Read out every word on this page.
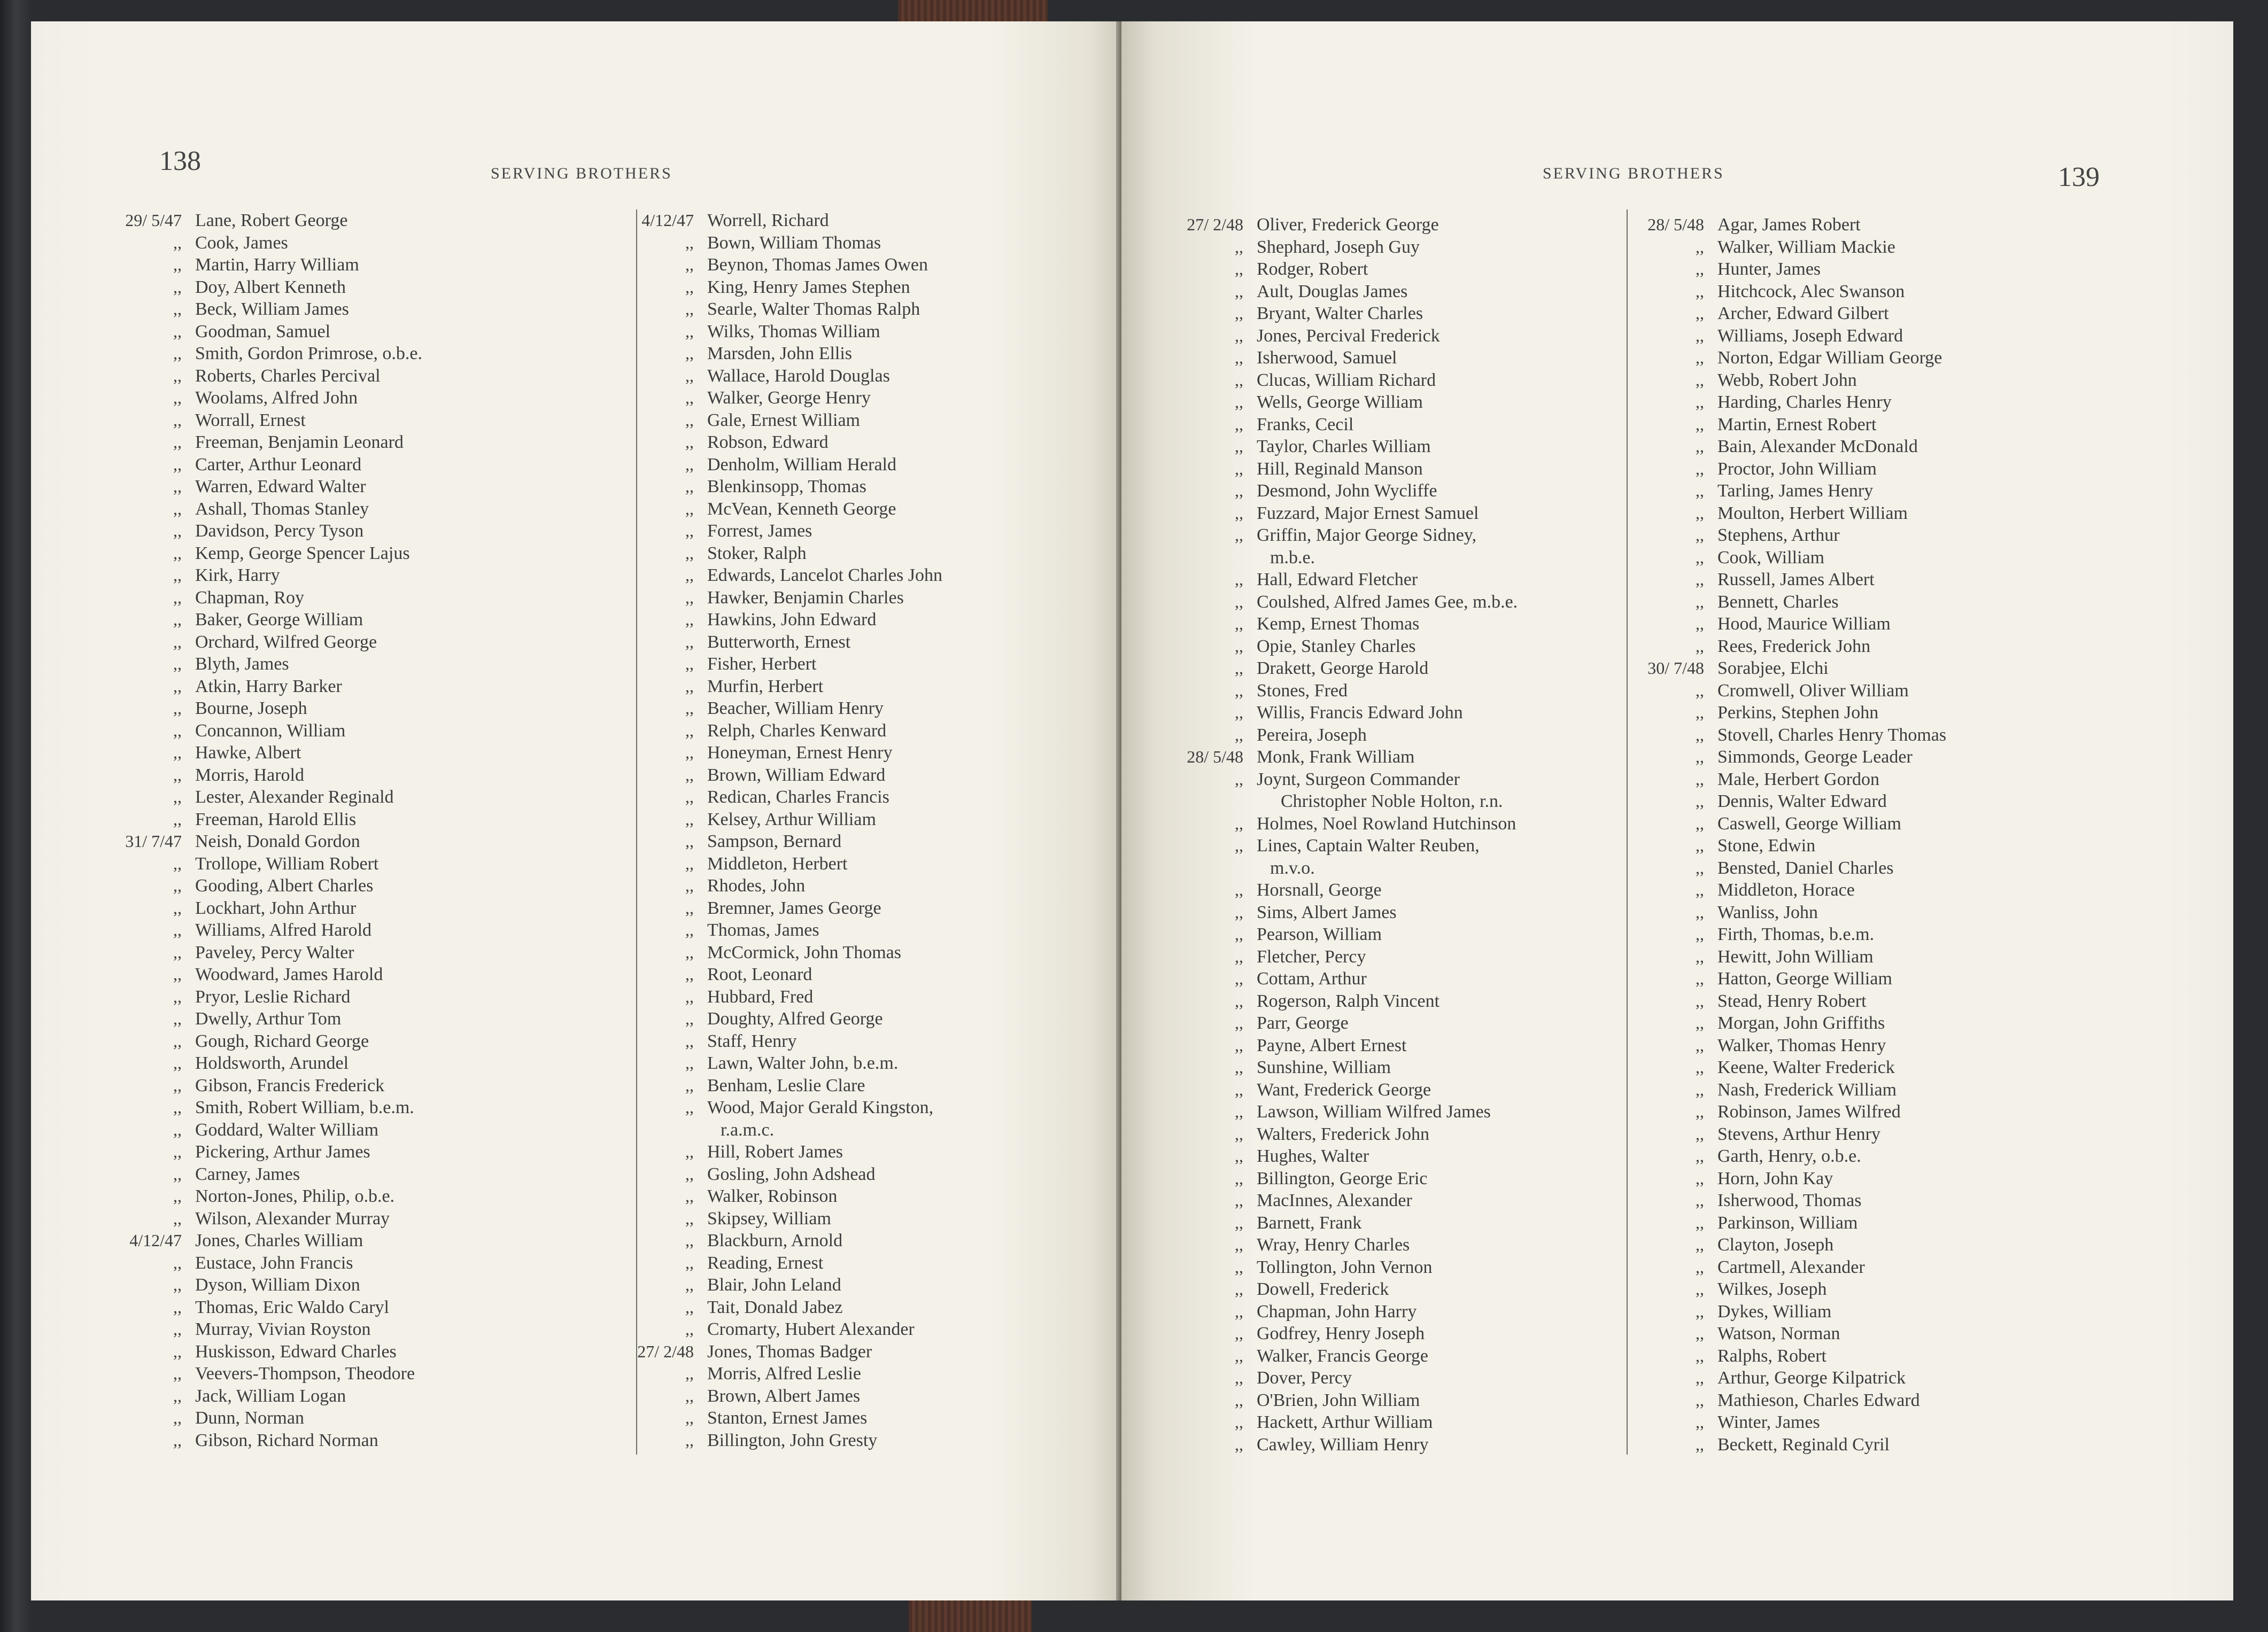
138	SERVING BROTHERS
29/ 5/47 Lane, Robert George
,, Cook, James
,, Martin, Harry William
,, Doy, Albert Kenneth
,, Beck, William James
,, Goodman, Samuel
,, Smith, Gordon Primrose, o.b.e.
,, Roberts, Charles Percival
,, Woolams, Alfred John
,, Worrall, Ernest
,, Freeman, Benjamin Leonard
,, Carter, Arthur Leonard
,, Warren, Edward Walter
,, Ashall, Thomas Stanley
,, Davidson, Percy Tyson
,, Kemp, George Spencer Lajus
,, Kirk, Harry
,, Chapman, Roy
,, Baker, George William
,, Orchard, Wilfred George
,, Blyth, James
,, Atkin, Harry Barker
,, Bourne, Joseph
,, Concannon, William
,, Hawke, Albert
,, Morris, Harold
,, Lester, Alexander Reginald
,, Freeman, Harold Ellis
31/ 7/47 Neish, Donald Gordon
,, Trollope, William Robert
,, Gooding, Albert Charles
,, Lockhart, John Arthur
,, Williams, Alfred Harold
,, Paveley, Percy Walter
,, Woodward, James Harold
,, Pryor, Leslie Richard
,, Dwelly, Arthur Tom
,, Gough, Richard George
,, Holdsworth, Arundel
,, Gibson, Francis Frederick
,, Smith, Robert William, b.e.m.
,, Goddard, Walter William
,, Pickering, Arthur James
,, Carney, James
,, Norton-Jones, Philip, o.b.e.
,, Wilson, Alexander Murray
4/12/47 Jones, Charles William
,, Eustace, John Francis
,, Dyson, William Dixon
,, Thomas, Eric Waldo Caryl
,, Murray, Vivian Royston
,, Huskisson, Edward Charles
,, Veevers-Thompson, Theodore
,, Jack, William Logan
,, Dunn, Norman
,, Gibson, Richard Norman
4/12/47 Worrell, Richard
,, Bown, William Thomas
,, Beynon, Thomas James Owen
,, King, Henry James Stephen
,, Searle, Walter Thomas Ralph
,, Wilks, Thomas William
,, Marsden, John Ellis
,, Wallace, Harold Douglas
,, Walker, George Henry
,, Gale, Ernest William
,, Robson, Edward
,, Denholm, William Herald
,, Blenkinsopp, Thomas
,, McVean, Kenneth George
,, Forrest, James
,, Stoker, Ralph
,, Edwards, Lancelot Charles John
,, Hawker, Benjamin Charles
,, Hawkins, John Edward
,, Butterworth, Ernest
,, Fisher, Herbert
,, Murfin, Herbert
,, Beacher, William Henry
,, Relph, Charles Kenward
,, Honeyman, Ernest Henry
,, Brown, William Edward
,, Redican, Charles Francis
,, Kelsey, Arthur William
,, Sampson, Bernard
,, Middleton, Herbert
,, Rhodes, John
,, Bremner, James George
,, Thomas, James
,, McCormick, John Thomas
,, Root, Leonard
,, Hubbard, Fred
,, Doughty, Alfred George
,, Staff, Henry
,, Lawn, Walter John, b.e.m.
,, Benham, Leslie Clare
,, Wood, Major Gerald Kingston,
r.a.m.c.
,, Hill, Robert James
,, Gosling, John Adshead
,, Walker, Robinson
,, Skipsey, William
,, Blackburn, Arnold
,, Reading, Ernest
,, Blair, John Leland
,, Tait, Donald Jabez
,, Cromarty, Hubert Alexander
27/ 2/48 Jones, Thomas Badger
,, Morris, Alfred Leslie
,, Brown, Albert James
,, Stanton, Ernest James
,, Billington, John Gresty
SERVING BROTHERS	139
27/ 2/48 Oliver, Frederick George
,, Shephard, Joseph Guy
,, Rodger, Robert
,, Ault, Douglas James
,, Bryant, Walter Charles
,, Jones, Percival Frederick
,, Isherwood, Samuel
,, Clucas, William Richard
,, Wells, George William
,, Franks, Cecil
,, Taylor, Charles William
,, Hill, Reginald Manson
,, Desmond, John Wycliffe
,, Fuzzard, Major Ernest Samuel
,, Griffin, Major George Sidney,
m.b.e.
,, Hall, Edward Fletcher
,, Coulshed, Alfred James Gee, m.b.e.
,, Kemp, Ernest Thomas
,, Opie, Stanley Charles
,, Drakett, George Harold
,, Stones, Fred
,, Willis, Francis Edward John
,, Pereira, Joseph
28/ 5/48 Monk, Frank William
,, Joynt, Surgeon Commander
Christopher Noble Holton, r.n.
,, Holmes, Noel Rowland Hutchinson
,, Lines, Captain Walter Reuben,
m.v.o.
,, Horsnall, George
,, Sims, Albert James
,, Pearson, William
,, Fletcher, Percy
,, Cottam, Arthur
,, Rogerson, Ralph Vincent
,, Parr, George
,, Payne, Albert Ernest
,, Sunshine, William
,, Want, Frederick George
,, Lawson, William Wilfred James
,, Walters, Frederick John
,, Hughes, Walter
,, Billington, George Eric
,, MacInnes, Alexander
,, Barnett, Frank
,, Wray, Henry Charles
,, Tollington, John Vernon
,, Dowell, Frederick
,, Chapman, John Harry
,, Godfrey, Henry Joseph
,, Walker, Francis George
,, Dover, Percy
,, O'Brien, John William
,, Hackett, Arthur William
,, Cawley, William Henry
28/ 5/48 Agar, James Robert
,, Walker, William Mackie
,, Hunter, James
,, Hitchcock, Alec Swanson
,, Archer, Edward Gilbert
,, Williams, Joseph Edward
,, Norton, Edgar William George
,, Webb, Robert John
,, Harding, Charles Henry
,, Martin, Ernest Robert
,, Bain, Alexander McDonald
,, Proctor, John William
,, Tarling, James Henry
,, Moulton, Herbert William
,, Stephens, Arthur
,, Cook, William
,, Russell, James Albert
,, Bennett, Charles
,, Hood, Maurice William
,, Rees, Frederick John
30/ 7/48 Sorabjee, Elchi
,, Cromwell, Oliver William
,, Perkins, Stephen John
,, Stovell, Charles Henry Thomas
,, Simmonds, George Leader
,, Male, Herbert Gordon
,, Dennis, Walter Edward
,, Caswell, George William
,, Stone, Edwin
,, Bensted, Daniel Charles
,, Middleton, Horace
,, Wanliss, John
,, Firth, Thomas, b.e.m.
,, Hewitt, John William
,, Hatton, George William
,, Stead, Henry Robert
,, Morgan, John Griffiths
,, Walker, Thomas Henry
,, Keene, Walter Frederick
,, Nash, Frederick William
,, Robinson, James Wilfred
,, Stevens, Arthur Henry
,, Garth, Henry, o.b.e.
,, Horn, John Kay
,, Isherwood, Thomas
,, Parkinson, William
,, Clayton, Joseph
,, Cartmell, Alexander
,, Wilkes, Joseph
,, Dykes, William
,, Watson, Norman
,, Ralphs, Robert
,, Arthur, George Kilpatrick
,, Mathieson, Charles Edward
,, Winter, James
,, Beckett, Reginald Cyril
